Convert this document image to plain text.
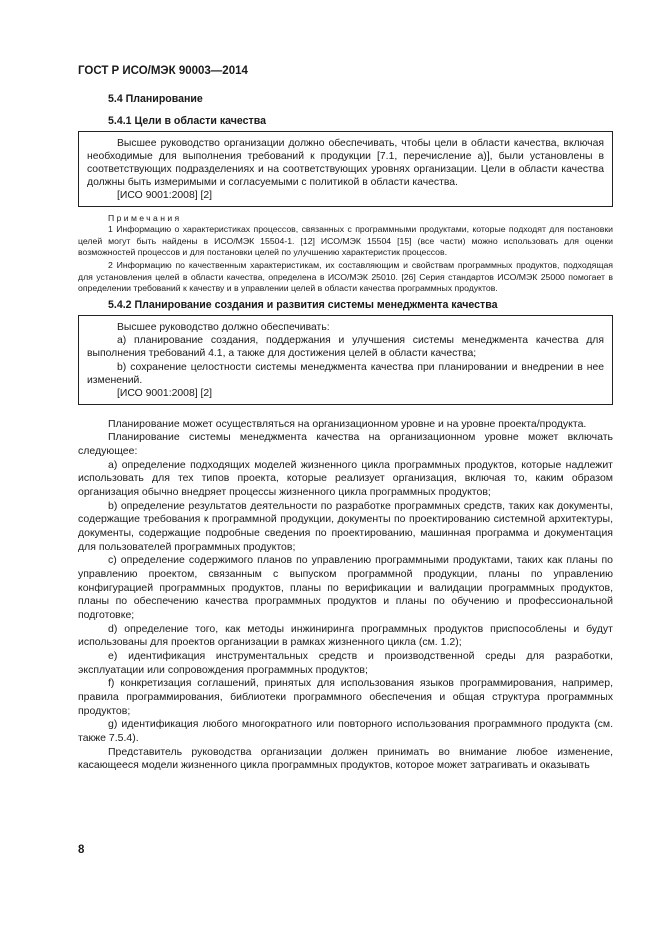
ГОСТ Р ИСО/МЭК 90003—2014
5.4 Планирование
5.4.1 Цели в области качества

Высшее руководство организации должно обеспечивать, чтобы цели в области качества, включая необходимые для выполнения требований к продукции [7.1, перечисление а)], были установлены в соответствующих подразделениях и на соответствующих уровнях организации. Цели в области качества должны быть измеримыми и согласуемыми с политикой в области качества.

[ИСО 9001:2008] [2]

Примечания

1 Информацию о характеристиках процессов, связанных с программными продуктами, которые подходят для постановки целей могут быть найдены в ИСО/МЭК 15504-1. [12] ИСО/МЭК 15504 [15] (все части) можно использовать для оценки возможностей процессов и для постановки целей по улучшению характеристик процессов.

2 Информацию по качественным характеристикам, их составляющим и свойствам программных продуктов, подходящая для установления целей в области качества, определена в ИСО/МЭК 25010. [26] Серия стандартов ИСО/МЭК 25000 помогает в определении требований к качеству и в управлении целей в области качества программных продуктов.

5.4.2 Планирование создания и развития системы менеджмента качества

Высшее руководство должно обеспечивать:

а) планирование создания, поддержания и улучшения системы менеджмента качества для выполнения требований 4.1, а также для достижения целей в области качества;

b) сохранение целостности системы менеджмента качества при планировании и внедрении в нее изменений.

[ИСО 9001:2008] [2]

Планирование может осуществляться на организационном уровне и на уровне проекта/продукта.

Планирование системы менеджмента качества на организационном уровне может включать следующее:

а) определение подходящих моделей жизненного цикла программных продуктов, которые надлежит использовать для тех типов проекта, которые реализует организация, включая то, каким образом организация обычно внедряет процессы жизненного цикла программных продуктов;

b) определение результатов деятельности по разработке программных средств, таких как документы, содержащие требования к программной продукции, документы по проектированию системной архитектуры, документы, содержащие подробные сведения по проектированию, машинная программа и документация для пользователей программных продуктов;

с) определение содержимого планов по управлению программными продуктами, таких как планы по управлению проектом, связанным с выпуском программной продукции, планы по управлению конфигурацией программных продуктов, планы по верификации и валидации программных продуктов, планы по обеспечению качества программных продуктов и планы по обучению и профессиональной подготовке;

d) определение того, как методы инжиниринга программных продуктов приспособлены и будут использованы для проектов организации в рамках жизненного цикла (см. 1.2);

е) идентификация инструментальных средств и производственной среды для разработки, эксплуатации или сопровождения программных продуктов;

f) конкретизация соглашений, принятых для использования языков программирования, например, правила программирования, библиотеки программного обеспечения и общая структура программных продуктов;

g) идентификация любого многократного или повторного использования программного продукта (см. также 7.5.4).

Представитель руководства организации должен принимать во внимание любое изменение, касающееся модели жизненного цикла программных продуктов, которое может затрагивать и оказывать

8
